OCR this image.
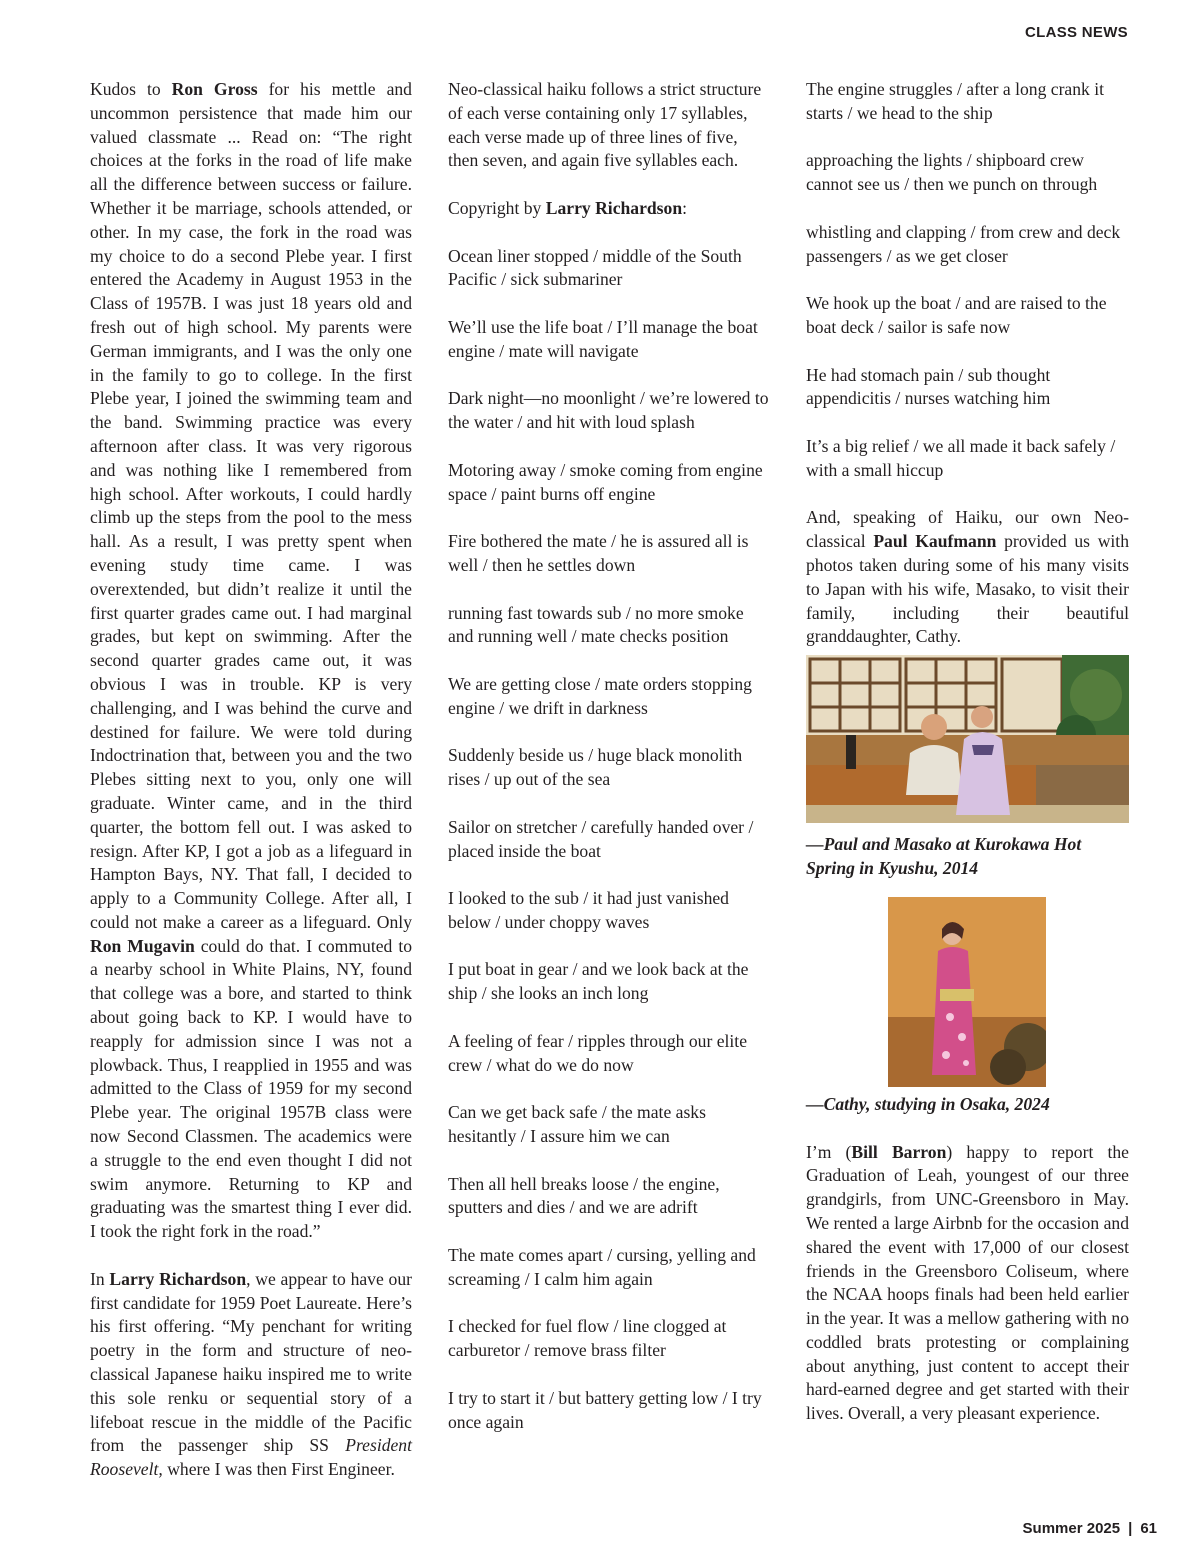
CLASS NEWS

Kudos to Ron Gross for his mettle and uncommon persistence that made him our valued classmate ... Read on: “The right choices at the forks in the road of life make all the difference between success or failure. Whether it be marriage, schools attended, or other. In my case, the fork in the road was my choice to do a second Plebe year. I first entered the Academy in August 1953 in the Class of 1957B. I was just 18 years old and fresh out of high school. My parents were German immigrants, and I was the only one in the family to go to college. In the first Plebe year, I joined the swimming team and the band. Swimming practice was every afternoon after class. It was very rigorous and was nothing like I remembered from high school. After workouts, I could hardly climb up the steps from the pool to the mess hall. As a result, I was pretty spent when evening study time came. I was overextended, but didn’t realize it until the first quarter grades came out. I had marginal grades, but kept on swimming. After the second quarter grades came out, it was obvious I was in trouble. KP is very challenging, and I was behind the curve and destined for failure. We were told during Indoctrination that, between you and the two Plebes sitting next to you, only one will graduate. Winter came, and in the third quarter, the bottom fell out. I was asked to resign. After KP, I got a job as a lifeguard in Hampton Bays, NY. That fall, I decided to apply to a Community College. After all, I could not make a career as a lifeguard. Only Ron Mugavin could do that. I commuted to a nearby school in White Plains, NY, found that college was a bore, and started to think about going back to KP. I would have to reapply for admission since I was not a plowback. Thus, I reapplied in 1955 and was admitted to the Class of 1959 for my second Plebe year. The original 1957B class were now Second Classmen. The academics were a struggle to the end even thought I did not swim anymore. Returning to KP and graduating was the smartest thing I ever did. I took the right fork in the road.”

In Larry Richardson, we appear to have our first candidate for 1959 Poet Laureate. Here’s his first offering. “My penchant for writing poetry in the form and structure of neo-classical Japanese haiku inspired me to write this sole renku or sequential story of a lifeboat rescue in the middle of the Pacific from the passenger ship SS President Roosevelt, where I was then First Engineer.

Neo-classical haiku follows a strict structure of each verse containing only 17 syllables, each verse made up of three lines of five, then seven, and again five syllables each.

Copyright by Larry Richardson:

Ocean liner stopped / middle of the South Pacific / sick submariner

We’ll use the life boat / I’ll manage the boat engine / mate will navigate

Dark night—no moonlight / we’re lowered to the water / and hit with loud splash

Motoring away / smoke coming from engine space / paint burns off engine

Fire bothered the mate / he is assured all is well / then he settles down

running fast towards sub / no more smoke and running well / mate checks position

We are getting close / mate orders stopping engine / we drift in darkness

Suddenly beside us / huge black monolith rises / up out of the sea

Sailor on stretcher / carefully handed over / placed inside the boat

I looked to the sub / it had just vanished below / under choppy waves

I put boat in gear / and we look back at the ship / she looks an inch long

A feeling of fear / ripples through our elite crew / what do we do now

Can we get back safe / the mate asks hesitantly / I assure him we can

Then all hell breaks loose / the engine, sputters and dies / and we are adrift

The mate comes apart / cursing, yelling and screaming / I calm him again

I checked for fuel flow / line clogged at carburetor / remove brass filter

I try to start it / but battery getting low / I try once again

The engine struggles / after a long crank it starts / we head to the ship

approaching the lights / shipboard crew cannot see us / then we punch on through

whistling and clapping / from crew and deck passengers / as we get closer

We hook up the boat / and are raised to the boat deck / sailor is safe now

He had stomach pain / sub thought appendicitis / nurses watching him

It’s a big relief / we all made it back safely / with a small hiccup

And, speaking of Haiku, our own Neo-classical Paul Kaufmann provided us with photos taken during some of his many visits to Japan with his wife, Masako, to visit their family, including their beautiful granddaughter, Cathy.

—Paul and Masako at Kurokawa Hot Spring in Kyushu, 2014
—Cathy, studying in Osaka, 2024

I’m (Bill Barron) happy to report the Graduation of Leah, youngest of our three grandgirls, from UNC-Greensboro in May. We rented a large Airbnb for the occasion and shared the event with 17,000 of our closest friends in the Greensboro Coliseum, where the NCAA hoops finals had been held earlier in the year. It was a mellow gathering with no coddled brats protesting or complaining about anything, just content to accept their hard-earned degree and get started with their lives. Overall, a very pleasant experience.

Summer 2025 | 61
